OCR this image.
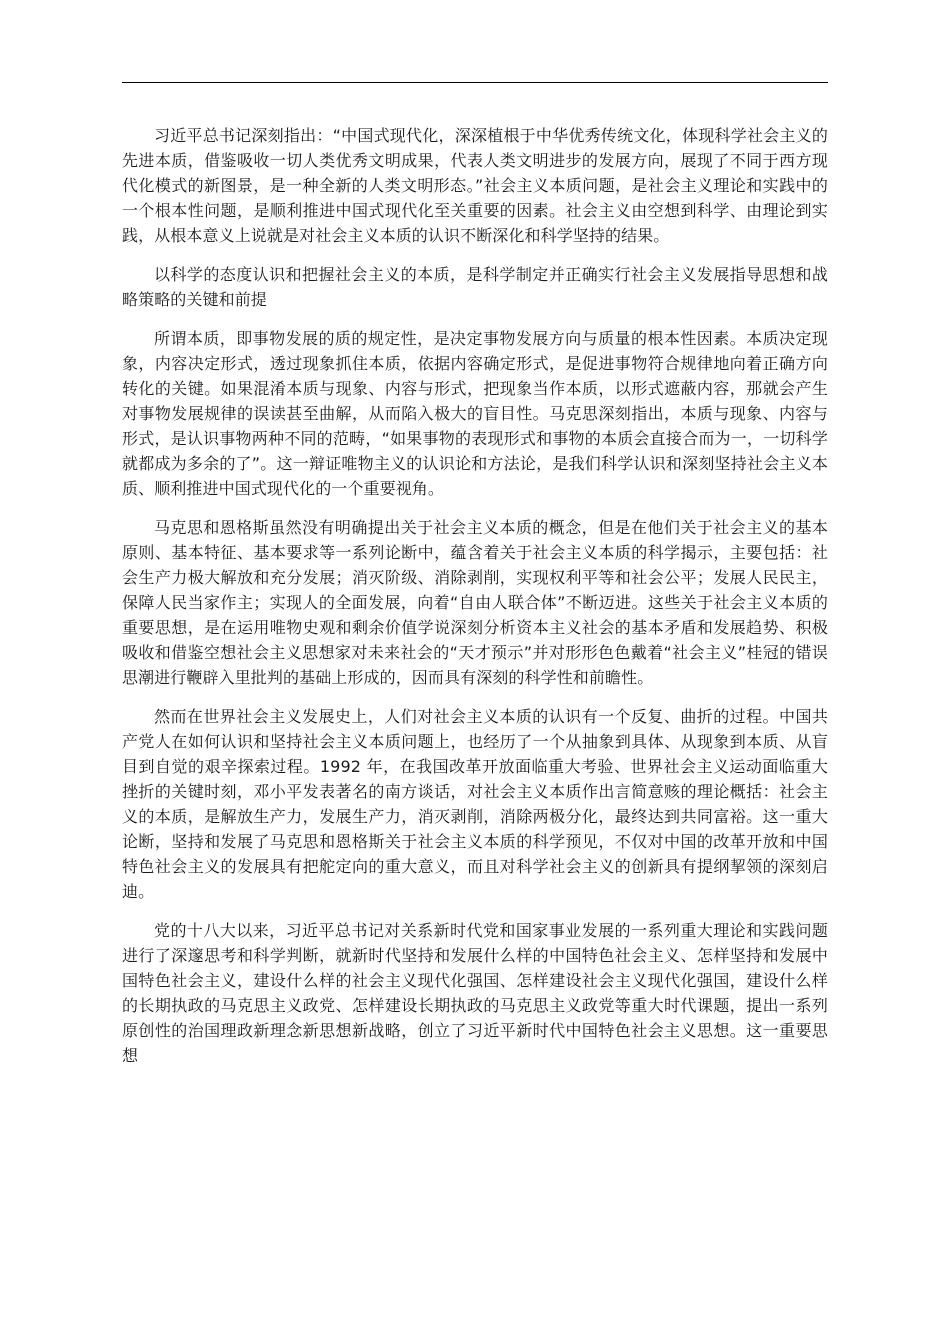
习近平总书记深刻指出：“中国式现代化，深深植根于中华优秀传统文化，体现科学社会主义的先进本质，借鉴吸收一切人类优秀文明成果，代表人类文明进步的发展方向，展现了不同于西方现代化模式的新图景，是一种全新的人类文明形态。”社会主义本质问题，是社会主义理论和实践中的一个根本性问题，是顺利推进中国式现代化至关重要的因素。社会主义由空想到科学、由理论到实践，从根本意义上说就是对社会主义本质的认识不断深化和科学坚持的结果。

以科学的态度认识和把握社会主义的本质，是科学制定并正确实行社会主义发展指导思想和战略策略的关键和前提

所谓本质，即事物发展的质的规定性，是决定事物发展方向与质量的根本性因素。本质决定现象，内容决定形式，透过现象抓住本质，依据内容确定形式，是促进事物符合规律地向着正确方向转化的关键。如果混淆本质与现象、内容与形式，把现象当作本质，以形式遮蔽内容，那就会产生对事物发展规律的误读甚至曲解，从而陷入极大的盲目性。马克思深刻指出，本质与现象、内容与形式，是认识事物两种不同的范畴，“如果事物的表现形式和事物的本质会直接合而为一，一切科学就都成为多余的了”。这一辩证唯物主义的认识论和方法论，是我们科学认识和深刻坚持社会主义本质、顺利推进中国式现代化的一个重要视角。

马克思和恩格斯虽然没有明确提出关于社会主义本质的概念，但是在他们关于社会主义的基本原则、基本特征、基本要求等一系列论断中，蕴含着关于社会主义本质的科学揭示，主要包括：社会生产力极大解放和充分发展；消灭阶级、消除剥削，实现权利平等和社会公平；发展人民民主，保障人民当家作主；实现人的全面发展，向着“自由人联合体”不断迈进。这些关于社会主义本质的重要思想，是在运用唯物史观和剩余价值学说深刻分析资本主义社会的基本矛盾和发展趋势、积极吸收和借鉴空想社会主义思想家对未来社会的“天才预示”并对形形色色戴着“社会主义”桂冠的错误思潮进行鞭辟入里批判的基础上形成的，因而具有深刻的科学性和前瞻性。

然而在世界社会主义发展史上，人们对社会主义本质的认识有一个反复、曲折的过程。中国共产党人在如何认识和坚持社会主义本质问题上，也经历了一个从抽象到具体、从现象到本质、从盲目到自觉的艰辛探索过程。1992 年，在我国改革开放面临重大考验、世界社会主义运动面临重大挫折的关键时刻，邓小平发表著名的南方谈话，对社会主义本质作出言简意赅的理论概括：社会主义的本质，是解放生产力，发展生产力，消灭剥削，消除两极分化，最终达到共同富裕。这一重大论断，坚持和发展了马克思和恩格斯关于社会主义本质的科学预见，不仅对中国的改革开放和中国特色社会主义的发展具有把舵定向的重大意义，而且对科学社会主义的创新具有提纲挈领的深刻启迪。

党的十八大以来，习近平总书记对关系新时代党和国家事业发展的一系列重大理论和实践问题进行了深邃思考和科学判断，就新时代坚持和发展什么样的中国特色社会主义、怎样坚持和发展中国特色社会主义，建设什么样的社会主义现代化强国、怎样建设社会主义现代化强国，建设什么样的长期执政的马克思主义政党、怎样建设长期执政的马克思主义政党等重大时代课题，提出一系列原创性的治国理政新理念新思想新战略，创立了习近平新时代中国特色社会主义思想。这一重要思想
